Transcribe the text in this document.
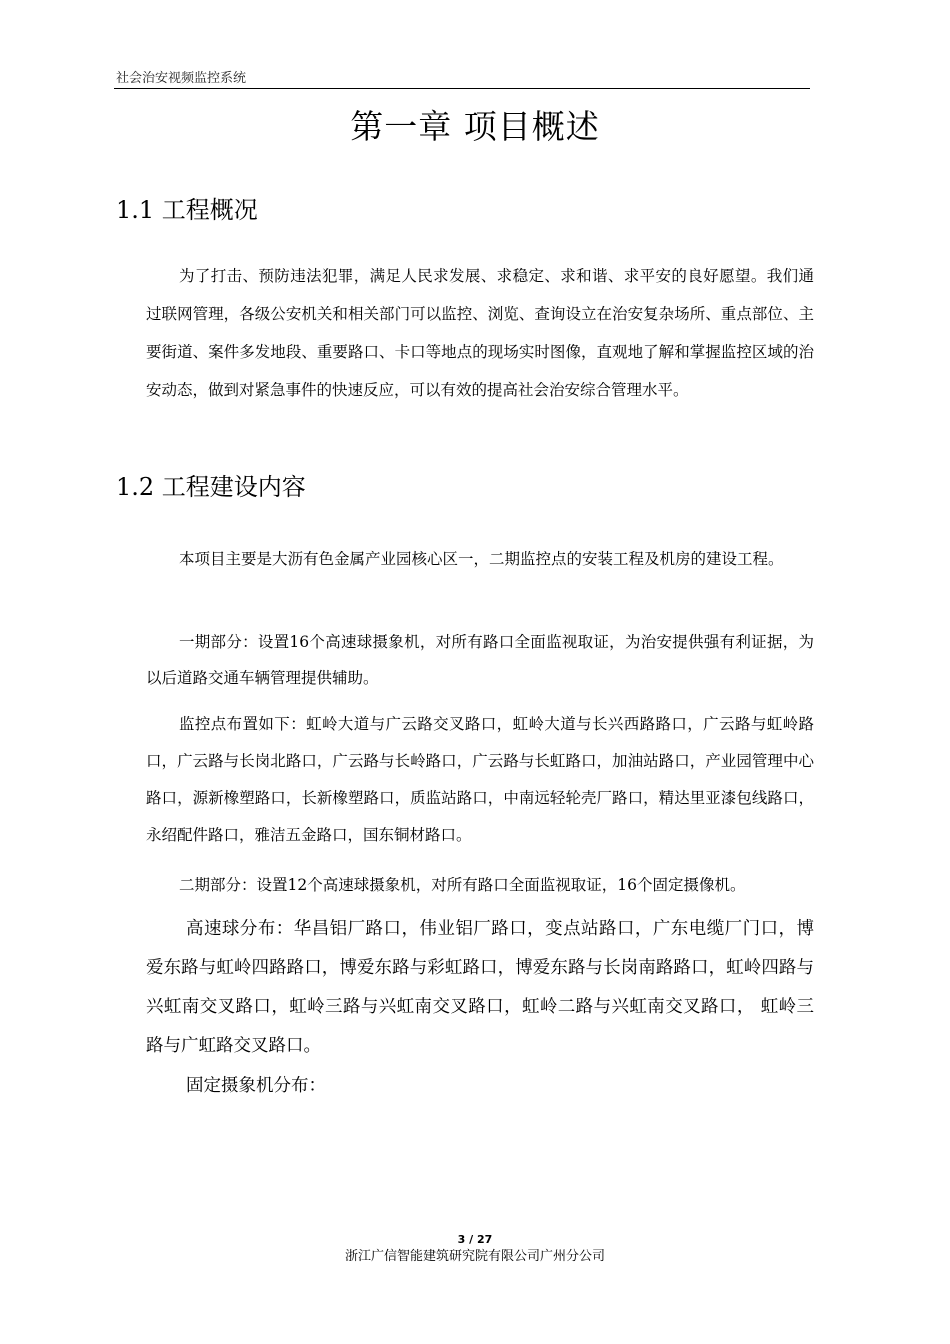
社会治安视频监控系统
第一章 项目概述
1.1 工程概况
为了打击、预防违法犯罪，满足人民求发展、求稳定、求和谐、求平安的良好愿望。我们通过联网管理，各级公安机关和相关部门可以监控、浏览、查询设立在治安复杂场所、重点部位、主要街道、案件多发地段、重要路口、卡口等地点的现场实时图像，直观地了解和掌握监控区域的治安动态，做到对紧急事件的快速反应，可以有效的提高社会治安综合管理水平。
1.2 工程建设内容
本项目主要是大沥有色金属产业园核心区一，二期监控点的安装工程及机房的建设工程。
一期部分：设置16个高速球摄象机，对所有路口全面监视取证，为治安提供强有利证据，为以后道路交通车辆管理提供辅助。
监控点布置如下：虹岭大道与广云路交叉路口，虹岭大道与长兴西路路口，广云路与虹岭路口，广云路与长岗北路口，广云路与长岭路口，广云路与长虹路口，加油站路口，产业园管理中心路口，源新橡塑路口，长新橡塑路口，质监站路口，中南远轻轮壳厂路口，精达里亚漆包线路口，永绍配件路口，雅洁五金路口，国东铜材路口。
二期部分：设置12个高速球摄象机，对所有路口全面监视取证，16个固定摄像机。
高速球分布：华昌铝厂路口，伟业铝厂路口，变点站路口，广东电缆厂门口，博爱东路与虹岭四路路口，博爱东路与彩虹路口，博爱东路与长岗南路路口，虹岭四路与兴虹南交叉路口，虹岭三路与兴虹南交叉路口，虹岭二路与兴虹南交叉路口， 虹岭三路与广虹路交叉路口。
固定摄象机分布：
3 / 27
浙江广信智能建筑研究院有限公司广州分公司
